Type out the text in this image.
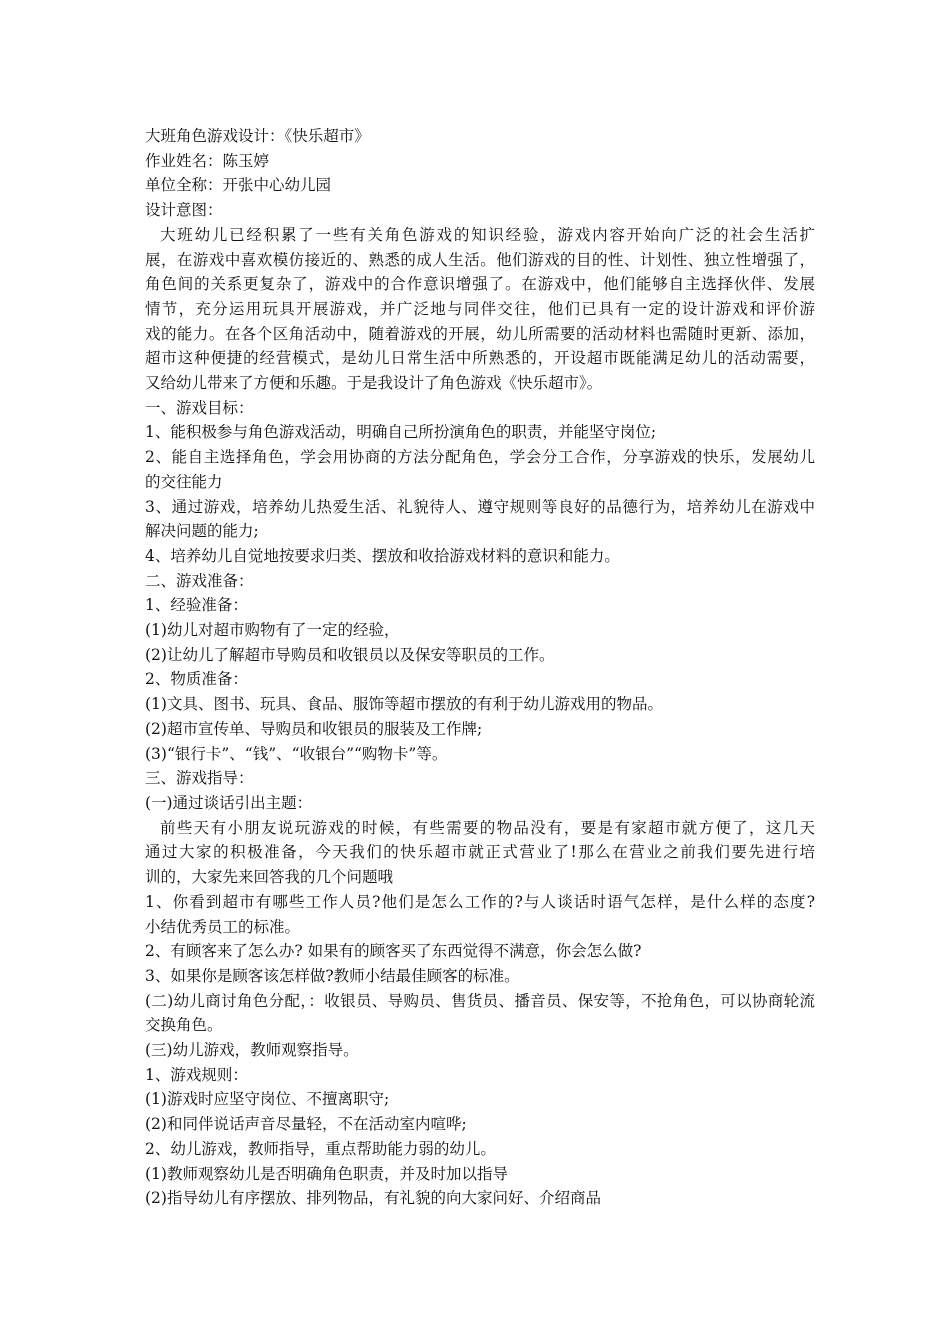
大班角色游戏设计：《快乐超市》

作业姓名：陈玉婷

单位全称：开张中心幼儿园

设计意图：

大班幼儿已经积累了一些有关角色游戏的知识经验，游戏内容开始向广泛的社会生活扩
展，在游戏中喜欢模仿接近的、熟悉的成人生活。他们游戏的目的性、计划性、独立性增强了，
角色间的关系更复杂了，游戏中的合作意识增强了。在游戏中，他们能够自主选择伙伴、发展
情节，充分运用玩具开展游戏，并广泛地与同伴交往，他们已具有一定的设计游戏和评价游
戏的能力。在各个区角活动中，随着游戏的开展，幼儿所需要的活动材料也需随时更新、添加，
超市这种便捷的经营模式，是幼儿日常生活中所熟悉的，开设超市既能满足幼儿的活动需要，
又给幼儿带来了方便和乐趣。于是我设计了角色游戏《快乐超市》。

一、游戏目标：

1、能积极参与角色游戏活动，明确自己所扮演角色的职责，并能坚守岗位;

2、能自主选择角色，学会用协商的方法分配角色，学会分工合作，分享游戏的快乐，发展幼儿
的交往能力

3、通过游戏，培养幼儿热爱生活、礼貌待人、遵守规则等良好的品德行为，培养幼儿在游戏中
解决问题的能力;

4、培养幼儿自觉地按要求归类、摆放和收拾游戏材料的意识和能力。

二、游戏准备：

1、经验准备：

(1)幼儿对超市购物有了一定的经验，

(2)让幼儿了解超市导购员和收银员以及保安等职员的工作。

2、物质准备：

(1)文具、图书、玩具、食品、服饰等超市摆放的有利于幼儿游戏用的物品。

(2)超市宣传单、导购员和收银员的服装及工作牌;

(3)“银行卡”、“钱”、“收银台”“购物卡”等。

三、游戏指导：

(一)通过谈话引出主题：

前些天有小朋友说玩游戏的时候，有些需要的物品没有，要是有家超市就方便了，这几天
通过大家的积极准备，今天我们的快乐超市就正式营业了!那么在营业之前我们要先进行培
训的，大家先来回答我的几个问题哦

1、你看到超市有哪些工作人员?他们是怎么工作的?与人谈话时语气怎样，是什么样的态度?
小结优秀员工的标准。

2、有顾客来了怎么办? 如果有的顾客买了东西觉得不满意，你会怎么做?

3、如果你是顾客该怎样做?教师小结最佳顾客的标准。

(二)幼儿商讨角色分配，：收银员、导购员、售货员、播音员、保安等，不抢角色，可以协商轮流
交换角色。

(三)幼儿游戏，教师观察指导。

1、游戏规则：

(1)游戏时应坚守岗位、不擅离职守;

(2)和同伴说话声音尽量轻，不在活动室内喧哗;

2、幼儿游戏，教师指导，重点帮助能力弱的幼儿。

(1)教师观察幼儿是否明确角色职责，并及时加以指导

(2)指导幼儿有序摆放、排列物品，有礼貌的向大家问好、介绍商品
